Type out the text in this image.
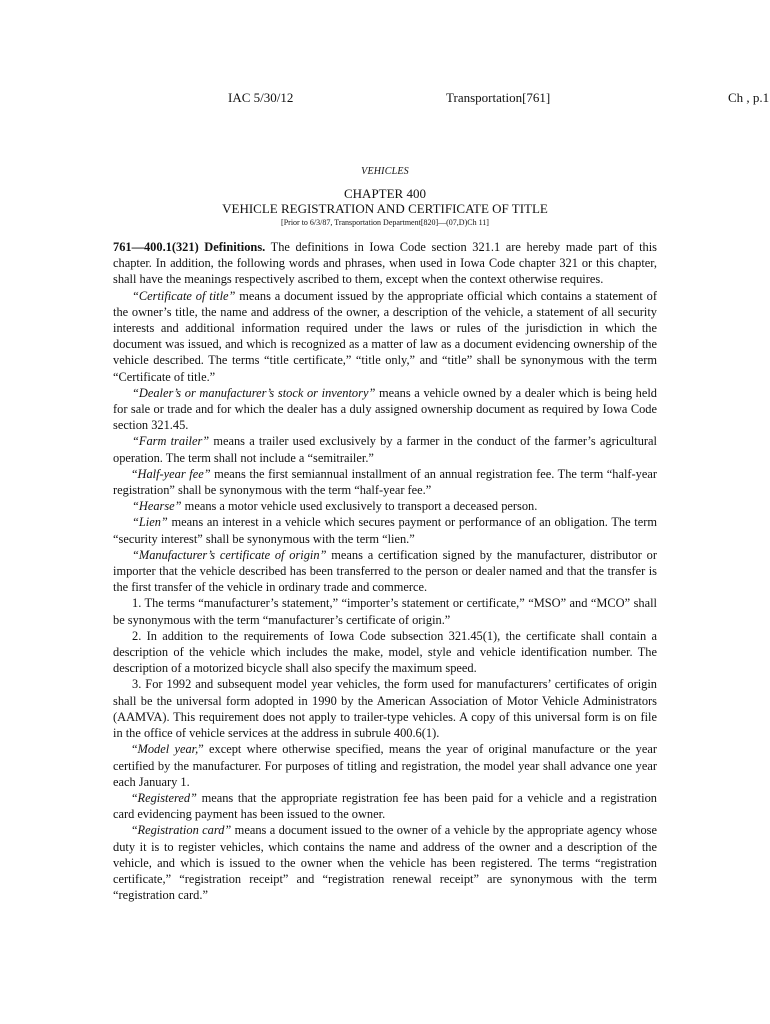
IAC 5/30/12	Transportation[761]	Ch , p.1
VEHICLES
CHAPTER 400
VEHICLE REGISTRATION AND CERTIFICATE OF TITLE
[Prior to 6/3/87, Transportation Department[820]—(07,D)Ch 11]

761—400.1(321) Definitions. The definitions in Iowa Code section 321.1 are hereby made part of this chapter. In addition, the following words and phrases, when used in Iowa Code chapter 321 or this chapter, shall have the meanings respectively ascribed to them, except when the context otherwise requires.

“Certificate of title” means a document issued by the appropriate official which contains a statement of the owner’s title, the name and address of the owner, a description of the vehicle, a statement of all security interests and additional information required under the laws or rules of the jurisdiction in which the document was issued, and which is recognized as a matter of law as a document evidencing ownership of the vehicle described. The terms “title certificate,” “title only,” and “title” shall be synonymous with the term “Certificate of title.”

“Dealer’s or manufacturer’s stock or inventory” means a vehicle owned by a dealer which is being held for sale or trade and for which the dealer has a duly assigned ownership document as required by Iowa Code section 321.45.

“Farm trailer” means a trailer used exclusively by a farmer in the conduct of the farmer’s agricultural operation. The term shall not include a “semitrailer.”

“Half-year fee” means the first semiannual installment of an annual registration fee. The term “half-year registration” shall be synonymous with the term “half-year fee.”

“Hearse” means a motor vehicle used exclusively to transport a deceased person.

“Lien” means an interest in a vehicle which secures payment or performance of an obligation. The term “security interest” shall be synonymous with the term “lien.”

“Manufacturer’s certificate of origin” means a certification signed by the manufacturer, distributor or importer that the vehicle described has been transferred to the person or dealer named and that the transfer is the first transfer of the vehicle in ordinary trade and commerce.

1. The terms “manufacturer’s statement,” “importer’s statement or certificate,” “MSO” and “MCO” shall be synonymous with the term “manufacturer’s certificate of origin.”

2. In addition to the requirements of Iowa Code subsection 321.45(1), the certificate shall contain a description of the vehicle which includes the make, model, style and vehicle identification number. The description of a motorized bicycle shall also specify the maximum speed.

3. For 1992 and subsequent model year vehicles, the form used for manufacturers’ certificates of origin shall be the universal form adopted in 1990 by the American Association of Motor Vehicle Administrators (AAMVA). This requirement does not apply to trailer-type vehicles. A copy of this universal form is on file in the office of vehicle services at the address in subrule 400.6(1).

“Model year,” except where otherwise specified, means the year of original manufacture or the year certified by the manufacturer. For purposes of titling and registration, the model year shall advance one year each January 1.

“Registered” means that the appropriate registration fee has been paid for a vehicle and a registration card evidencing payment has been issued to the owner.

“Registration card” means a document issued to the owner of a vehicle by the appropriate agency whose duty it is to register vehicles, which contains the name and address of the owner and a description of the vehicle, and which is issued to the owner when the vehicle has been registered. The terms “registration certificate,” “registration receipt” and “registration renewal receipt” are synonymous with the term “registration card.”
